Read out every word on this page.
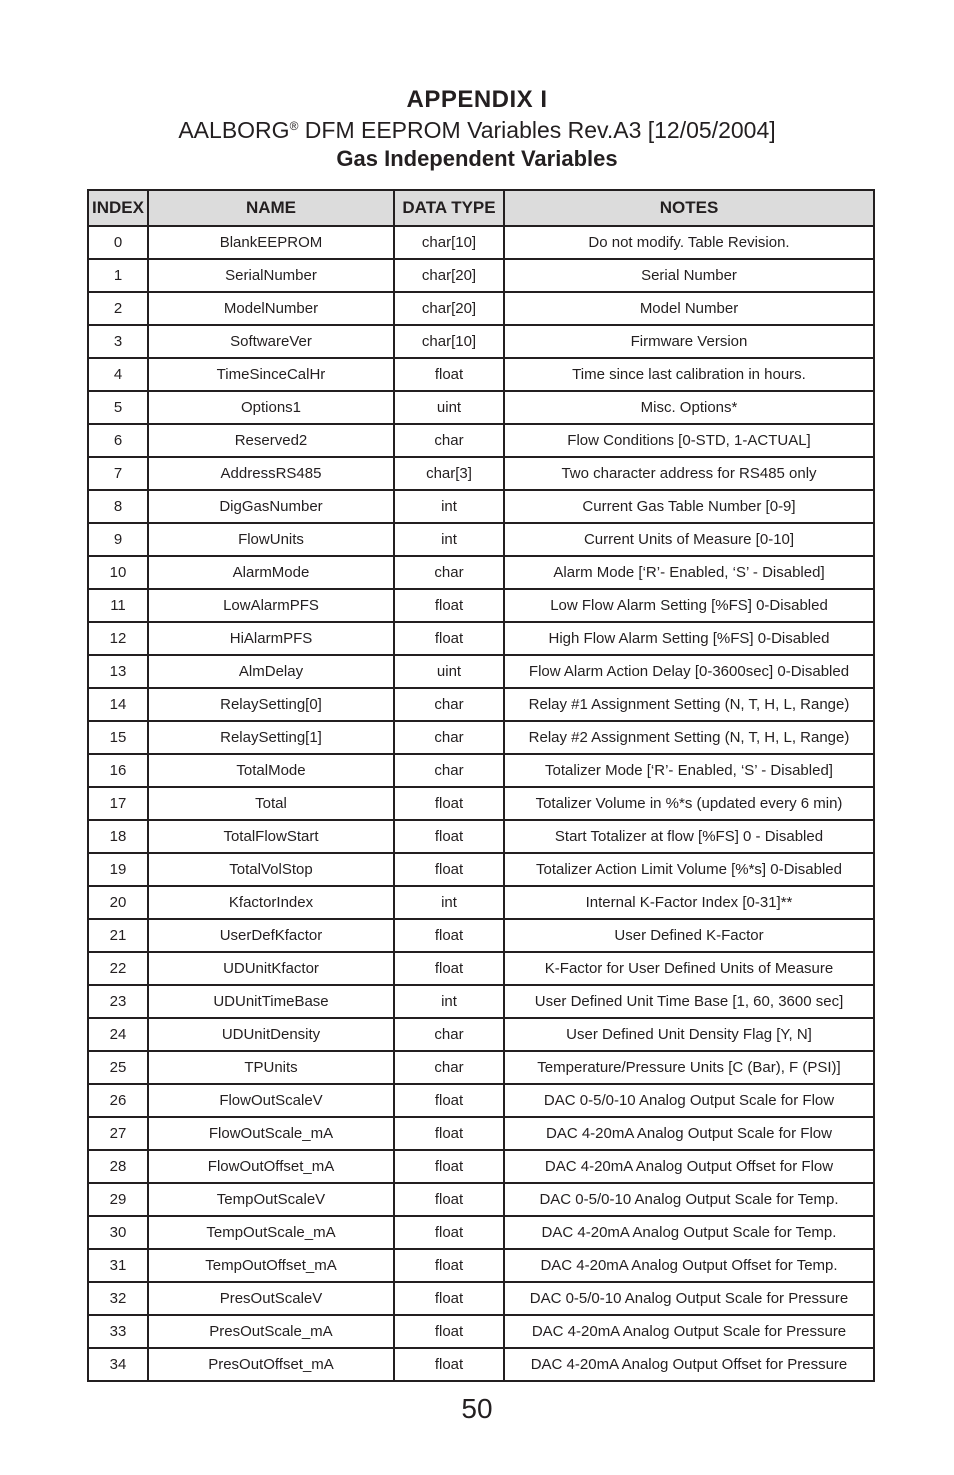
APPENDIX I
AALBORG® DFM EEPROM Variables Rev.A3 [12/05/2004]
Gas Independent Variables
INDEX	NAME	DATA TYPE	NOTES
0	BlankEEPROM	char[10]	Do not modify. Table Revision.
1	SerialNumber	char[20]	Serial Number
2	ModelNumber	char[20]	Model Number
3	SoftwareVer	char[10]	Firmware Version
4	TimeSinceCalHr	float	Time since last calibration in hours.
5	Options1	uint	Misc. Options*
6	Reserved2	char	Flow Conditions [0-STD, 1-ACTUAL]
7	AddressRS485	char[3]	Two character address for RS485 only
8	DigGasNumber	int	Current Gas Table Number [0-9]
9	FlowUnits	int	Current Units of Measure [0-10]
10	AlarmMode	char	Alarm Mode [‘R’- Enabled, ‘S’ - Disabled]
11	LowAlarmPFS	float	Low Flow Alarm Setting [%FS] 0-Disabled
12	HiAlarmPFS	float	High Flow Alarm Setting [%FS] 0-Disabled
13	AlmDelay	uint	Flow Alarm Action Delay [0-3600sec] 0-Disabled
14	RelaySetting[0]	char	Relay #1 Assignment Setting (N, T, H, L, Range)
15	RelaySetting[1]	char	Relay #2 Assignment Setting (N, T, H, L, Range)
16	TotalMode	char	Totalizer Mode [‘R’- Enabled, ‘S’ - Disabled]
17	Total	float	Totalizer Volume in %*s (updated every 6 min)
18	TotalFlowStart	float	Start Totalizer at flow [%FS] 0 - Disabled
19	TotalVolStop	float	Totalizer Action Limit Volume [%*s] 0-Disabled
20	KfactorIndex	int	Internal K-Factor Index [0-31]**
21	UserDefKfactor	float	User Defined K-Factor
22	UDUnitKfactor	float	K-Factor for User Defined Units of Measure
23	UDUnitTimeBase	int	User Defined Unit Time Base [1, 60, 3600 sec]
24	UDUnitDensity	char	User Defined Unit Density Flag [Y, N]
25	TPUnits	char	Temperature/Pressure Units [C (Bar), F (PSI)]
26	FlowOutScaleV	float	DAC 0-5/0-10 Analog Output Scale for Flow
27	FlowOutScale_mA	float	DAC 4-20mA Analog Output Scale for Flow
28	FlowOutOffset_mA	float	DAC 4-20mA Analog Output Offset for Flow
29	TempOutScaleV	float	DAC 0-5/0-10 Analog Output Scale for Temp.
30	TempOutScale_mA	float	DAC 4-20mA Analog Output Scale for Temp.
31	TempOutOffset_mA	float	DAC 4-20mA Analog Output Offset for Temp.
32	PresOutScaleV	float	DAC 0-5/0-10 Analog Output Scale for Pressure
33	PresOutScale_mA	float	DAC 4-20mA Analog Output Scale for Pressure
34	PresOutOffset_mA	float	DAC 4-20mA Analog Output Offset for Pressure
50
